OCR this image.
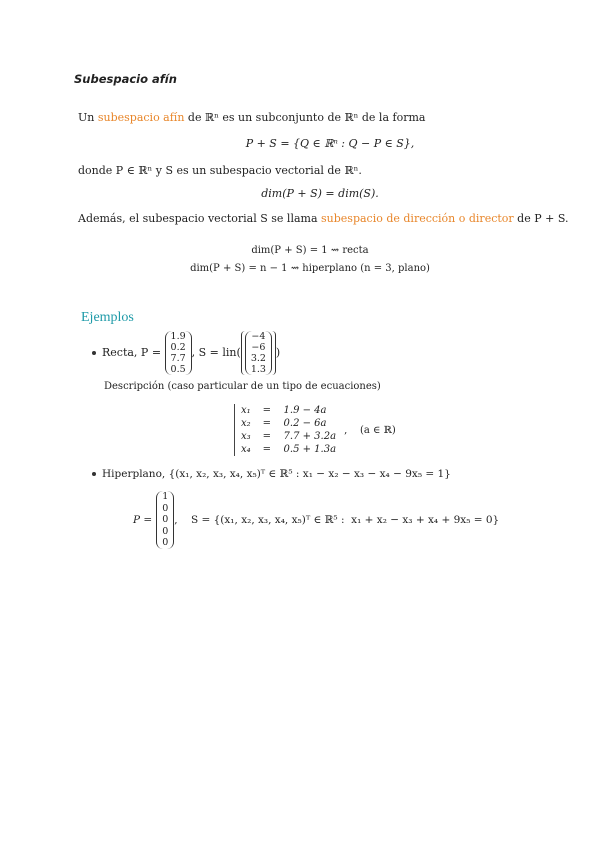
Subespacio afín
Un subespacio afín de ℝⁿ es un subconjunto de ℝⁿ de la forma
P + S = {Q ∈ ℝⁿ : Q − P ∈ S},
donde P ∈ ℝⁿ y S es un subespacio vectorial de ℝⁿ.
dim(P + S) = dim(S).
Además, el subespacio vectorial S se llama subespacio de dirección o director de P + S.
dim(P + S) = 1 ⇝ recta
dim(P + S) = n − 1 ⇝ hiperplano (n = 3, plano)
Ejemplos
Recta, P =
1.9
0.2
7.7
0.5
, S = lin(
−4
−6
3.2
1.3
)
Descripción (caso particular de un tipo de ecuaciones)
x₁	=	1.9 − 4a
x₂	=	0.2 − 6a
x₃	=	7.7 + 3.2a
x₄	=	0.5 + 1.3a
,    (a ∈ ℝ)
Hiperplano, {(x₁, x₂, x₃, x₄, x₅)ᵀ ∈ ℝ⁵ : x₁ − x₂ − x₃ − x₄ − 9x₅ = 1}
P =
1
0
0
0
0
,    S = {(x₁, x₂, x₃, x₄, x₅)ᵀ ∈ ℝ⁵ :  x₁ + x₂ − x₃ + x₄ + 9x₅ = 0}
